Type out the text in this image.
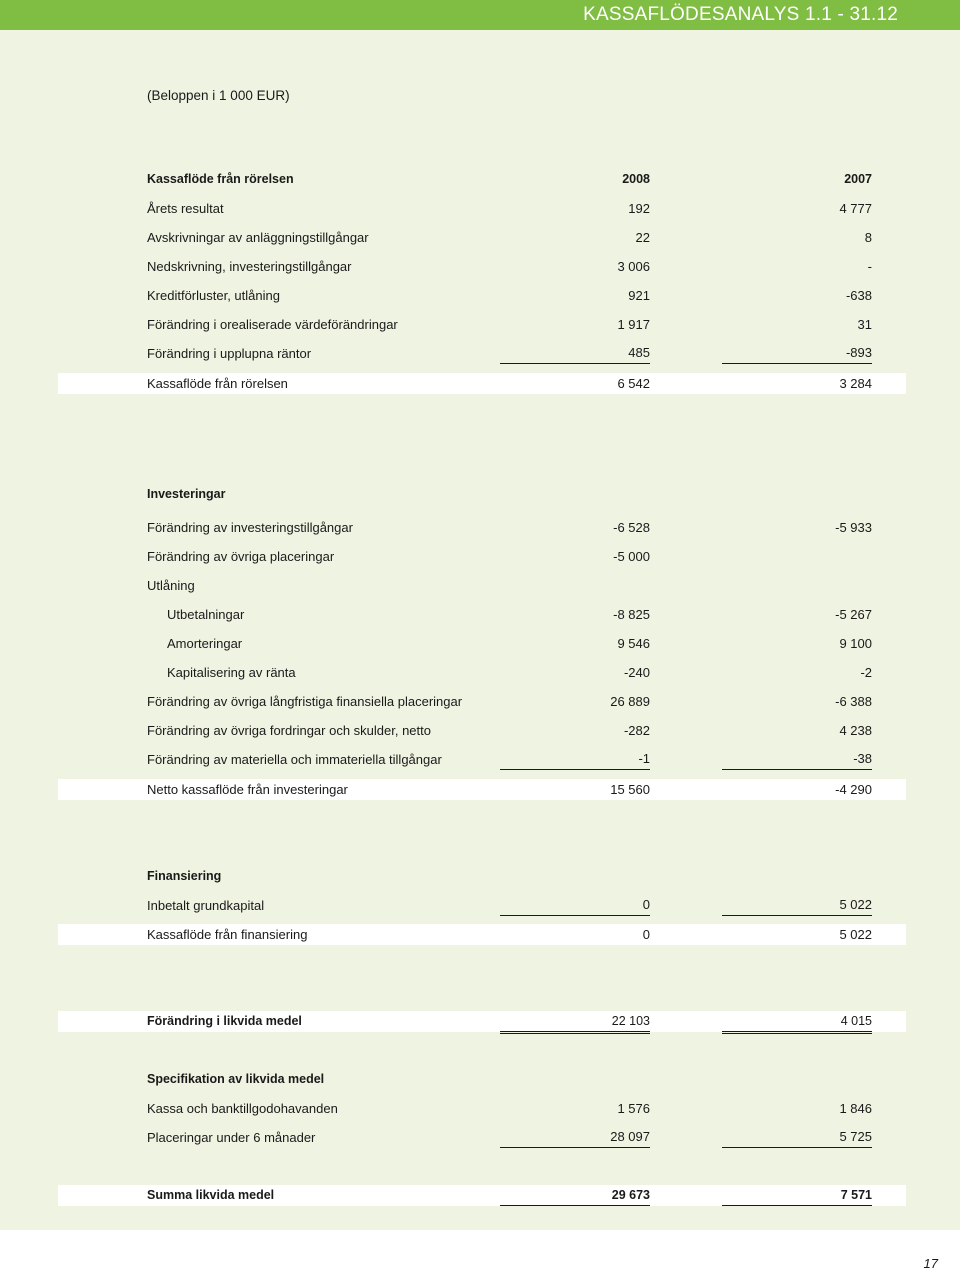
KASSAFLÖDESANALYS 1.1 - 31.12
(Beloppen i 1 000 EUR)
Kassaflöde från rörelsen	2008	2007
Årets resultat	192	4 777
Avskrivningar av anläggningstillgångar	22	8
Nedskrivning, investeringstillgångar	3 006	-
Kreditförluster, utlåning	921	-638
Förändring i orealiserade värdeförändringar	1 917	31
Förändring i upplupna räntor	485	-893
Kassaflöde från rörelsen	6 542	3 284
Investeringar
Förändring av investeringstillgångar	-6 528	-5 933
Förändring av övriga placeringar	-5 000
Utlåning
Utbetalningar	-8 825	-5 267
Amorteringar	9 546	9 100
Kapitalisering av ränta	-240	-2
Förändring av övriga långfristiga finansiella placeringar	26 889	-6 388
Förändring av övriga fordringar och skulder, netto	-282	4 238
Förändring av materiella och immateriella tillgångar	-1	-38
Netto kassaflöde från investeringar	15 560	-4 290
Finansiering
Inbetalt grundkapital	0	5 022
Kassaflöde från finansiering	0	5 022
Förändring i likvida medel	22 103	4 015
Specifikation av likvida medel
Kassa och banktillgodohavanden	1 576	1 846
Placeringar under 6 månader	28 097	5 725
Summa likvida medel	29 673	7 571
17
